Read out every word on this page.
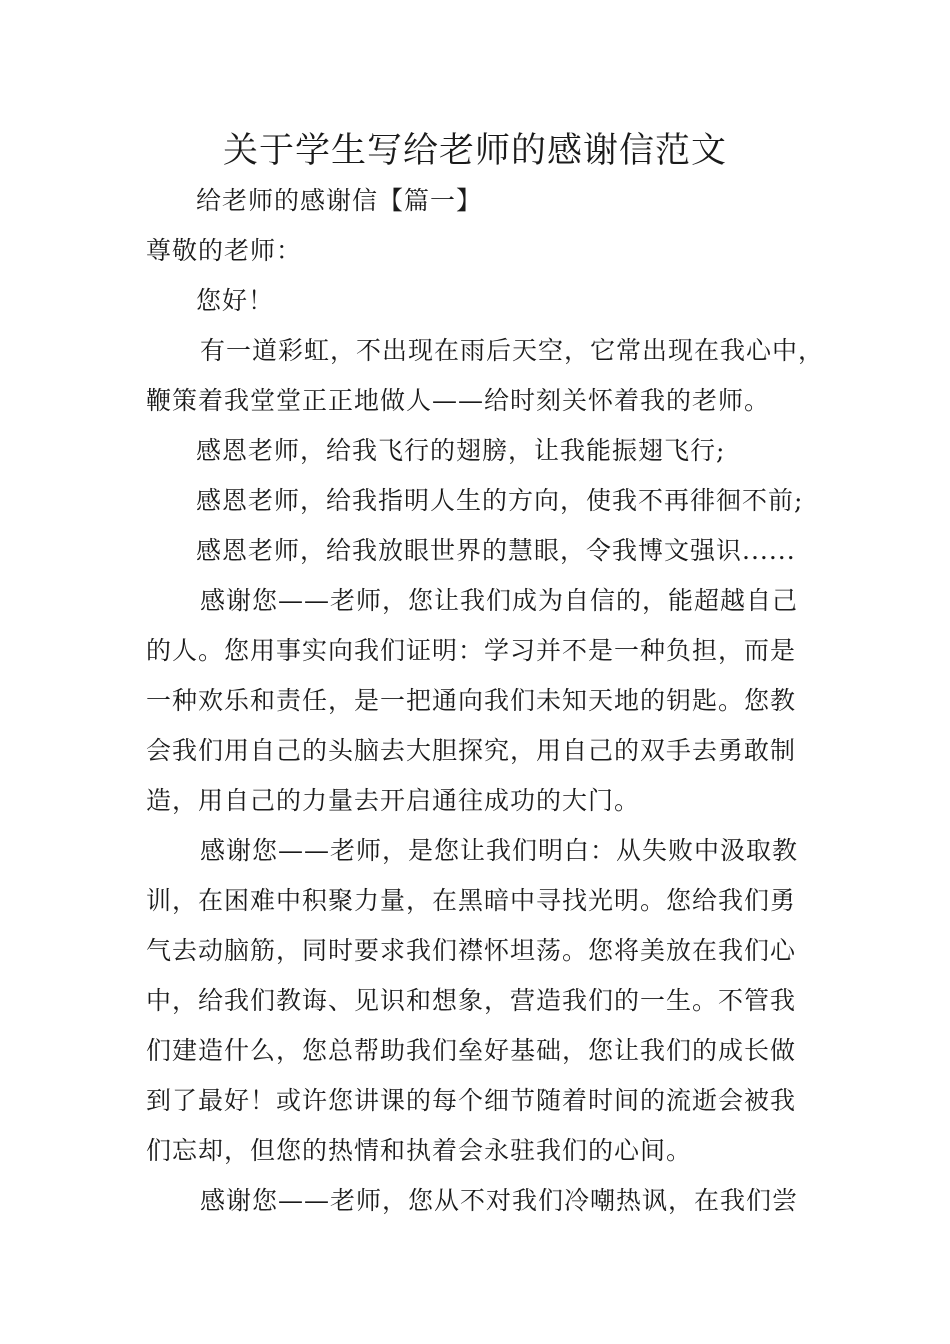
关于学生写给老师的感谢信范文
给老师的感谢信【篇一】
尊敬的老师：
您好！
有一道彩虹，不出现在雨后天空，它常出现在我心中，
鞭策着我堂堂正正地做人——给时刻关怀着我的老师。
感恩老师，给我飞行的翅膀，让我能振翅飞行;
感恩老师，给我指明人生的方向，使我不再徘徊不前;
感恩老师，给我放眼世界的慧眼，令我博文强识......
感谢您——老师，您让我们成为自信的，能超越自己
的人。您用事实向我们证明：学习并不是一种负担，而是
一种欢乐和责任，是一把通向我们未知天地的钥匙。您教
会我们用自己的头脑去大胆探究，用自己的双手去勇敢制
造，用自己的力量去开启通往成功的大门。
感谢您——老师，是您让我们明白：从失败中汲取教
训，在困难中积聚力量，在黑暗中寻找光明。您给我们勇
气去动脑筋，同时要求我们襟怀坦荡。您将美放在我们心
中，给我们教诲、见识和想象，营造我们的一生。不管我
们建造什么，您总帮助我们垒好基础，您让我们的成长做
到了最好！或许您讲课的每个细节随着时间的流逝会被我
们忘却，但您的热情和执着会永驻我们的心间。
感谢您——老师，您从不对我们冷嘲热讽，在我们尝
